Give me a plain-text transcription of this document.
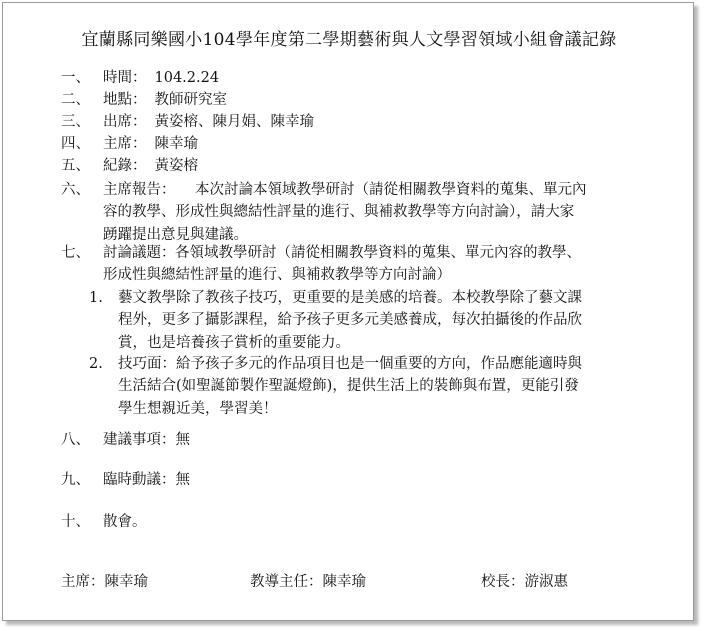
宜蘭縣同樂國小104學年度第二學期藝術與人文學習領域小組會議記錄
一、 時間： 104.2.24
二、 地點： 教師研究室
三、 出席： 黃姿榕、陳月娟、陳幸瑜
四、 主席： 陳幸瑜
五、 紀錄： 黃姿榕
六、 主席報告：	本次討論本領域教學研討（請從相關教學資料的蒐集、單元內
容的教學、形成性與總結性評量的進行、與補救教學等方向討論），請大家
踴躍提出意見與建議。
七、 討論議題： 各領域教學研討（請從相關教學資料的蒐集、單元內容的教學、
形成性與總結性評量的進行、與補救教學等方向討論）
1. 藝文教學除了教孩子技巧，更重要的是美感的培養。本校教學除了藝文課
程外，更多了攝影課程，給予孩子更多元美感養成，每次拍攝後的作品欣
賞，也是培養孩子賞析的重要能力。
2. 技巧面：給予孩子多元的作品項目也是一個重要的方向，作品應能適時與
生活結合(如聖誕節製作聖誕燈飾)，提供生活上的裝飾與布置，更能引發
學生想親近美，學習美！
八、 建議事項：無
九、 臨時動議：無
十、 散會。
主席：陳幸瑜	教導主任：陳幸瑜	校長：游淑惠
